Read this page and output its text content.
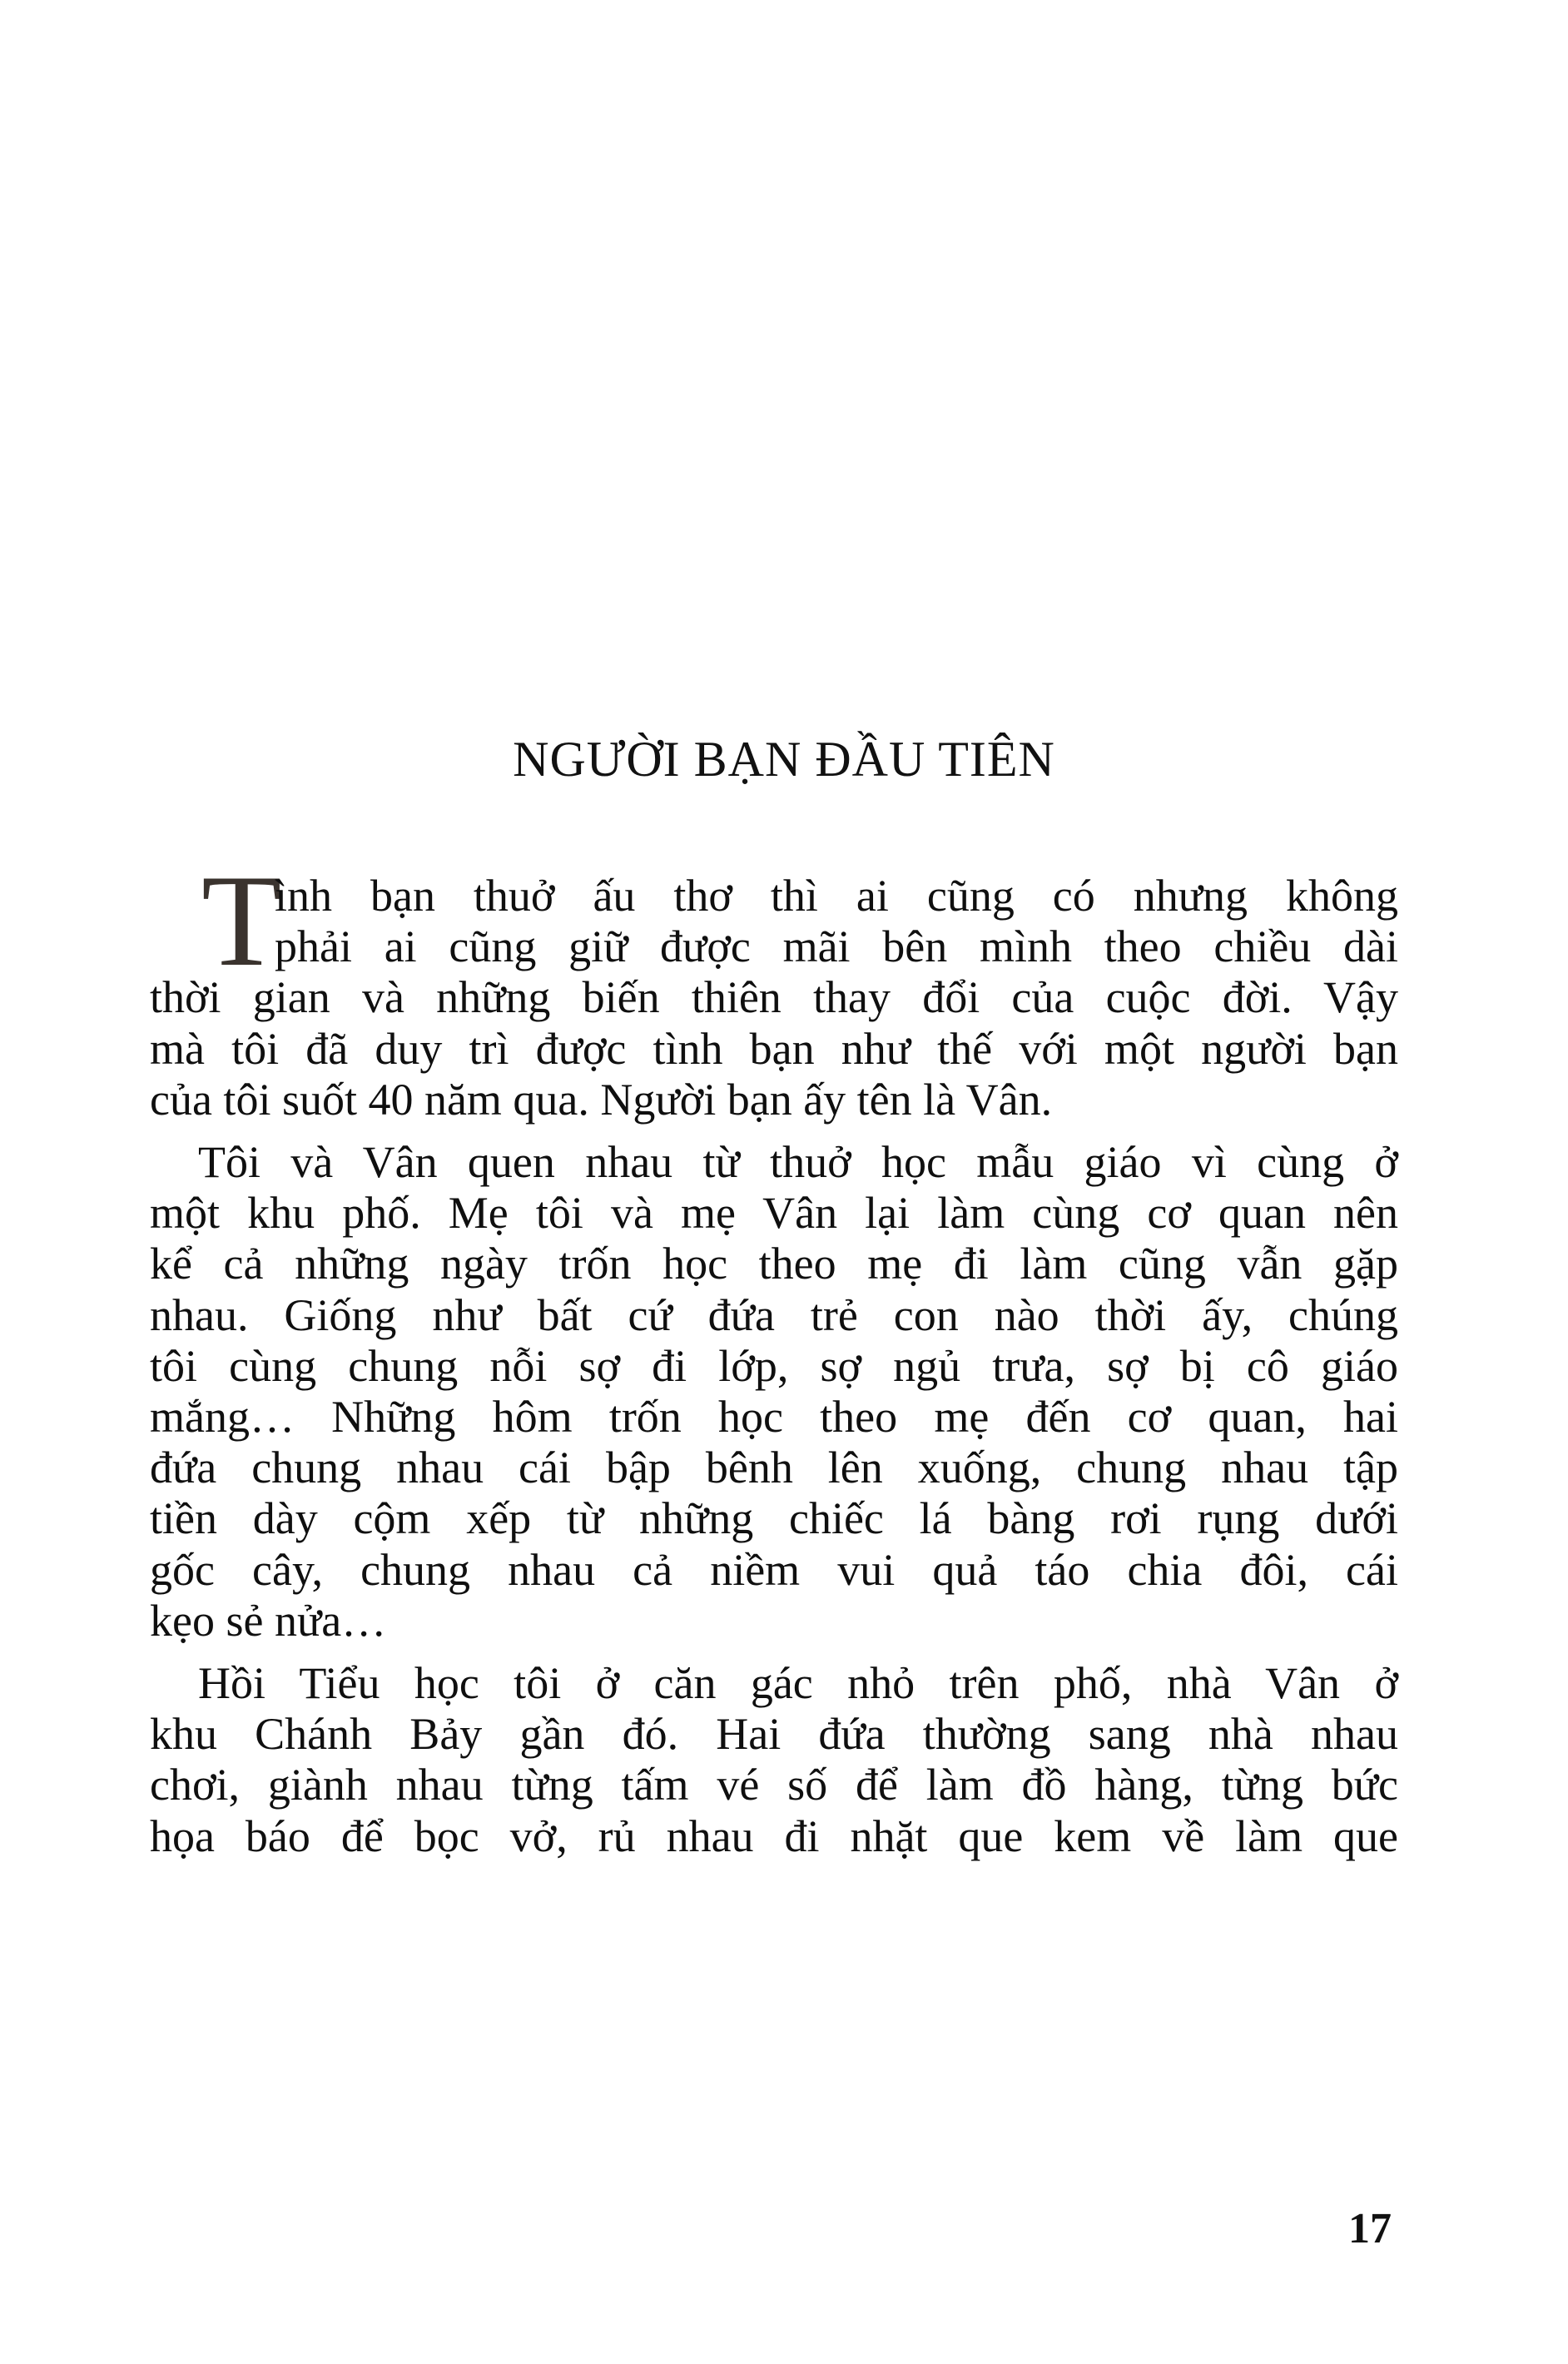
NGƯỜI BẠN ĐẦU TIÊN
T
ình bạn thuở ấu thơ thì ai cũng có nhưng không
phải ai cũng giữ được mãi bên mình theo chiều dài
thời gian và những biến thiên thay đổi của cuộc đời. Vậy
mà tôi đã duy trì được tình bạn như thế với một người bạn
của tôi suốt 40 năm qua. Người bạn ấy tên là Vân.
Tôi và Vân quen nhau từ thuở học mẫu giáo vì cùng ở
một khu phố. Mẹ tôi và mẹ Vân lại làm cùng cơ quan nên
kể cả những ngày trốn học theo mẹ đi làm cũng vẫn gặp
nhau. Giống như bất cứ đứa trẻ con nào thời ấy, chúng
tôi cùng chung nỗi sợ đi lớp, sợ ngủ trưa, sợ bị cô giáo
mắng… Những hôm trốn học theo mẹ đến cơ quan, hai
đứa chung nhau cái bập bênh lên xuống, chung nhau tập
tiền dày cộm xếp từ những chiếc lá bàng rơi rụng dưới
gốc cây, chung nhau cả niềm vui quả táo chia đôi, cái
kẹo sẻ nửa…
Hồi Tiểu học tôi ở căn gác nhỏ trên phố, nhà Vân ở
khu Chánh Bảy gần đó. Hai đứa thường sang nhà nhau
chơi, giành nhau từng tấm vé số để làm đồ hàng, từng bức
họa báo để bọc vở, rủ nhau đi nhặt que kem về làm que
17
